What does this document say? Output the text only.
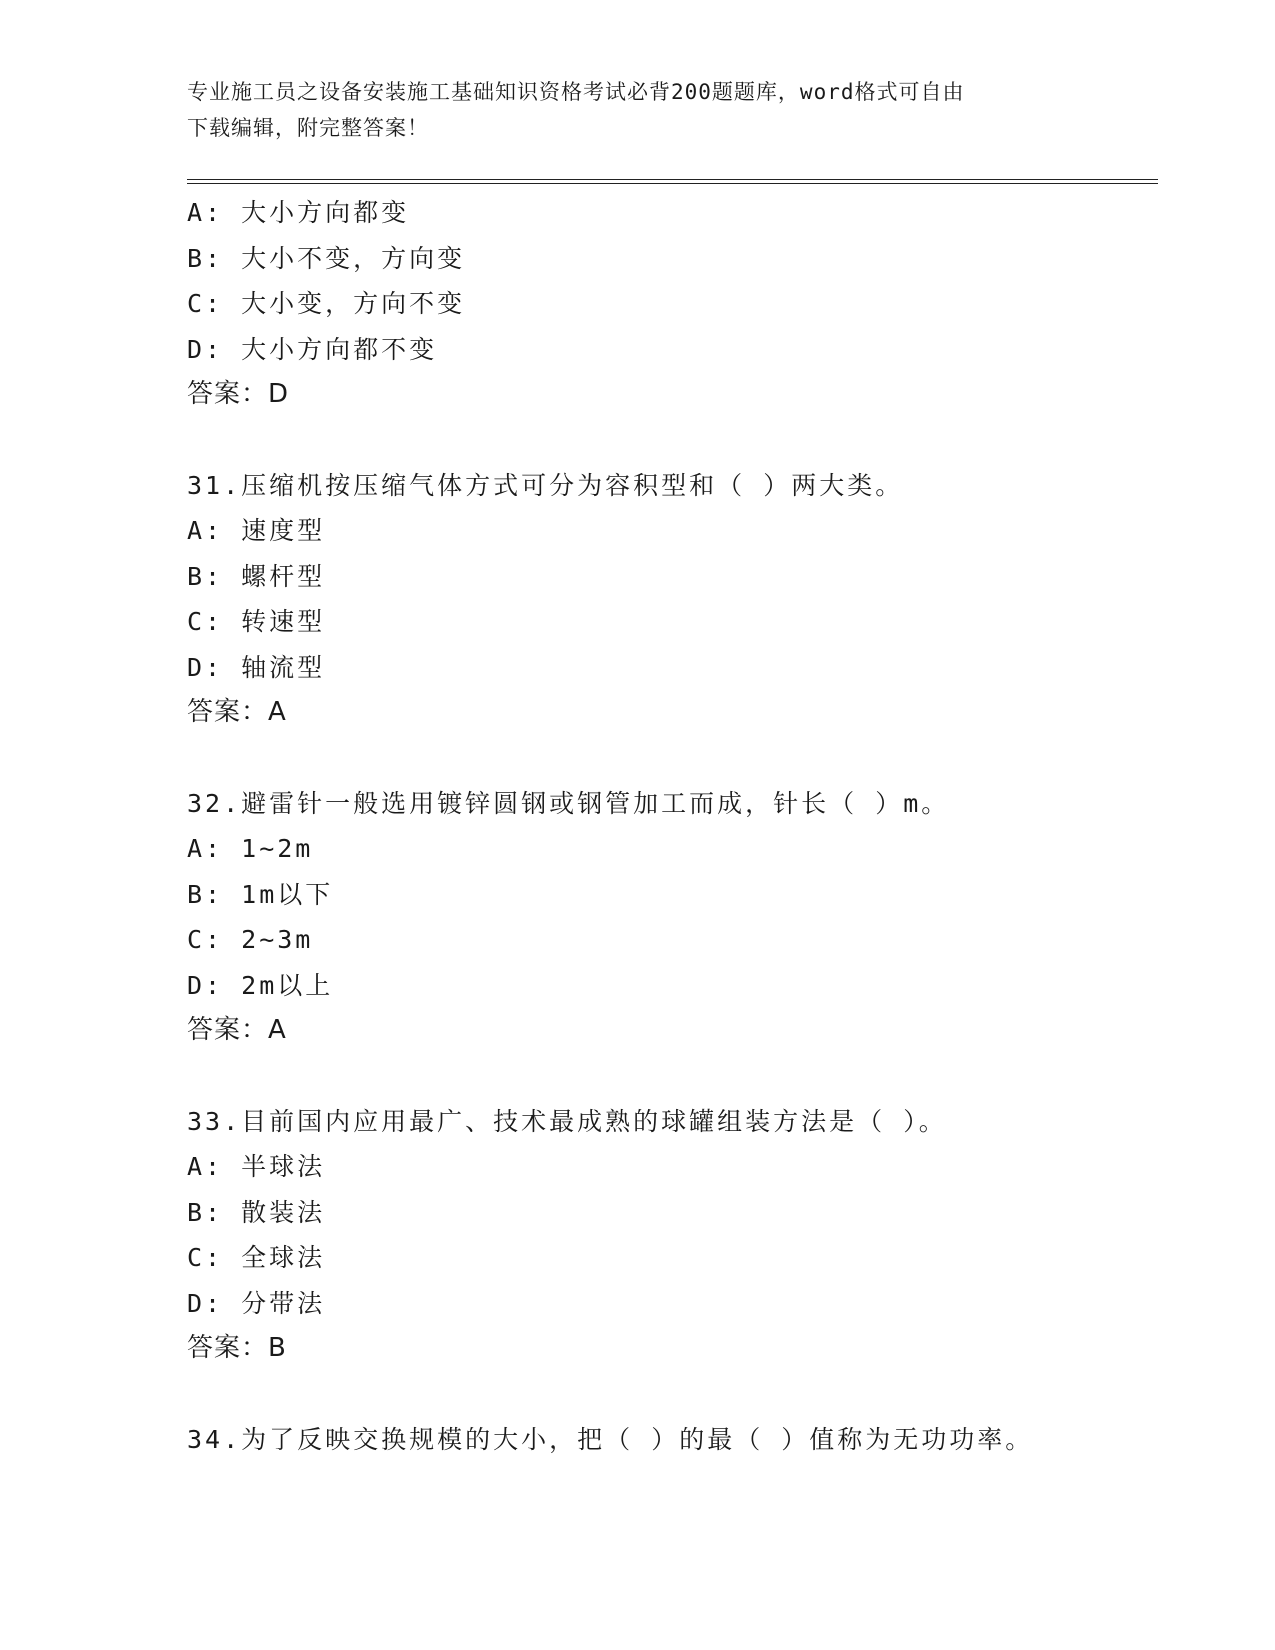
专业施工员之设备安装施工基础知识资格考试必背200题题库，word格式可自由
下载编辑，附完整答案！
A: 大小方向都变
B: 大小不变，方向变
C: 大小变，方向不变
D: 大小方向都不变
答案：D
31.压缩机按压缩气体方式可分为容积型和（ ）两大类。
A: 速度型
B: 螺杆型
C: 转速型
D: 轴流型
答案：A
32.避雷针一般选用镀锌圆钢或钢管加工而成，针长（ ）m。
A: 1~2m
B: 1m以下
C: 2~3m
D: 2m以上
答案：A
33.目前国内应用最广、技术最成熟的球罐组装方法是（ ）。
A: 半球法
B: 散装法
C: 全球法
D: 分带法
答案：B
34.为了反映交换规模的大小，把（ ）的最（ ）值称为无功功率。
